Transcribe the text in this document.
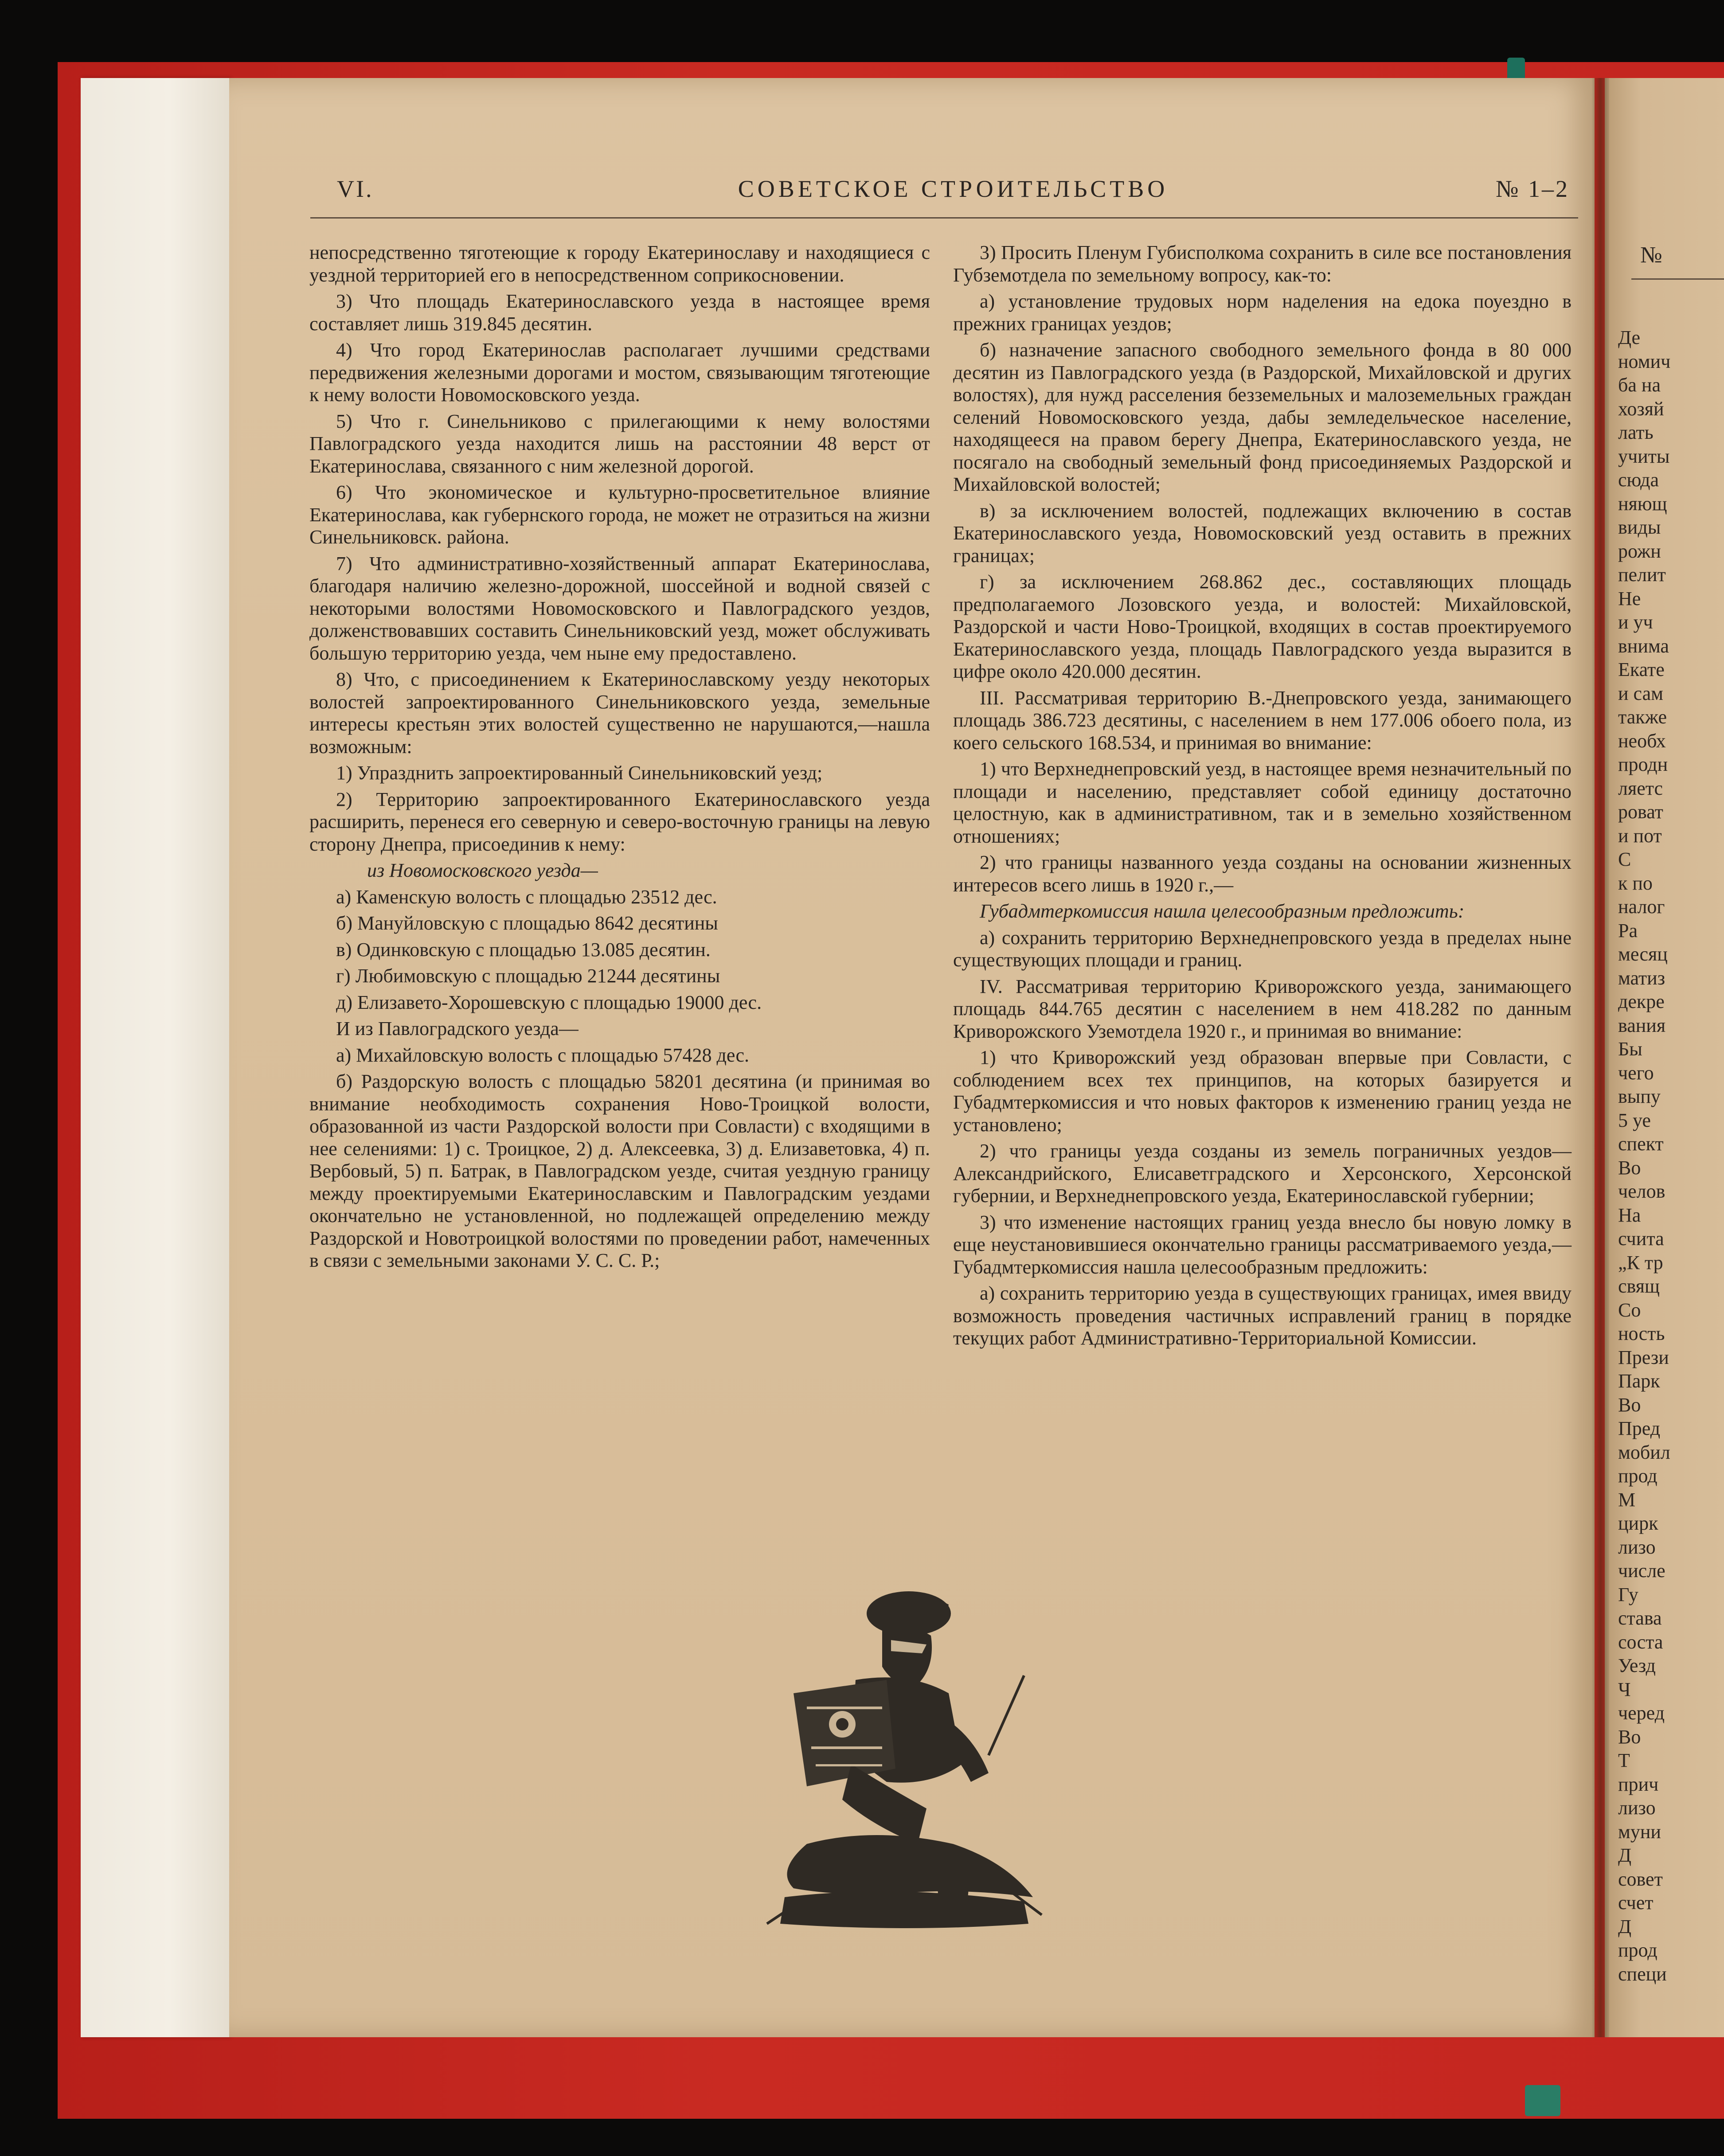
№
Де
номич
ба на
хозяй
лать
учиты
сюда
няющ
виды
рожн
пелит
Не
и уч
внима
Екате
и сам
также
необх
продн
ляетс
роват
и пот
С
к по
налог
Ра
месяц
матиз
декре
вания
Бы
чего
выпу
5 уе
спект
Во
челов
На
счита
„К тр
свящ
Со
ность
Прези
Парк
Во
Пред
мобил
прод
М
цирк
лизо
числе
Гу
става
соста
Уезд
Ч
черед
Во
Т
прич
лизо
муни
Д
совет
счет
Д
прод
специ
VI.	СОВЕТСКОЕ СТРОИТЕЛЬСТВО	№ 1–2

непосредственно тяготеющие к городу Екатеринославу и находящиеся с уездной территорией его в непосредственном соприкосновении.

3) Что площадь Екатеринославского уезда в настоящее время составляет лишь 319.845 десятин.

4) Что город Екатеринослав располагает лучшими средствами передвижения железными дорогами и мостом, связывающим тяготеющие к нему волости Новомосковского уезда.

5) Что г. Синельниково с прилегающими к нему волостями Павлоградского уезда находится лишь на расстоянии 48 верст от Екатеринослава, связанного с ним железной дорогой.

6) Что экономическое и культурно-просветительное влияние Екатеринослава, как губернского города, не может не отразиться на жизни Синельниковск. района.

7) Что административно-хозяйственный аппарат Екатеринослава, благодаря наличию железно-дорожной, шоссейной и водной связей с некоторыми волостями Новомосковского и Павлоградского уездов, долженствовавших составить Синельниковский уезд, может обслуживать большую территорию уезда, чем ныне ему предоставлено.

8) Что, с присоединением к Екатеринославскому уезду некоторых волостей запроектированного Синельниковского уезда, земельные интересы крестьян этих волостей существенно не нарушаются,—нашла возможным:

1) Упразднить запроектированный Синельниковский уезд;

2) Территорию запроектированного Екатеринославского уезда расширить, перенеся его северную и северо-восточную границы на левую сторону Днепра, присоединив к нему:

из Новомосковского уезда—

а) Каменскую волость с площадью 23512 дес.

б) Мануйловскую с площадью 8642 десятины

в) Одинковскую с площадью 13.085 десятин.

г) Любимовскую с площадью 21244 десятины

д) Елизавето-Хорошевскую с площадью 19000 дес.

И из Павлоградского уезда—

а) Михайловскую волость с площадью 57428 дес.

б) Раздорскую волость с площадью 58201 десятина (и принимая во внимание необходимость сохранения Ново-Троицкой волости, образованной из части Раздорской волости при Совласти) с входящими в нее селениями: 1) с. Троицкое, 2) д. Алексеевка, 3) д. Елизаветовка, 4) п. Вербовый, 5) п. Батрак, в Павлоградском уезде, считая уездную границу между проектируемыми Екатеринославским и Павлоградским уездами окончательно не установленной, но подлежащей определению между Раздорской и Новотроицкой волостями по проведении работ, намеченных в связи с земельными законами У. С. С. Р.;

3) Просить Пленум Губисполкома сохранить в силе все постановления Губземотдела по земельному вопросу, как-то:

а) установление трудовых норм наделения на едока поуездно в прежних границах уездов;

б) назначение запасного свободного земельного фонда в 80 000 десятин из Павлоградского уезда (в Раздорской, Михайловской и других волостях), для нужд расселения безземельных и малоземельных граждан селений Новомосковского уезда, дабы земледельческое население, находящееся на правом берегу Днепра, Екатеринославского уезда, не посягало на свободный земельный фонд присоединяемых Раздорской и Михайловской волостей;

в) за исключением волостей, подлежащих включению в состав Екатеринославского уезда, Новомосковский уезд оставить в прежних границах;

г) за исключением 268.862 дес., составляющих площадь предполагаемого Лозовского уезда, и волостей: Михайловской, Раздорской и части Ново-Троицкой, входящих в состав проектируемого Екатеринославского уезда, площадь Павлоградского уезда выразится в цифре около 420.000 десятин.

III. Рассматривая территорию В.-Днепровского уезда, занимающего площадь 386.723 десятины, с населением в нем 177.006 обоего пола, из коего сельского 168.534, и принимая во внимание:

1) что Верхнеднепровский уезд, в настоящее время незначительный по площади и населению, представляет собой единицу достаточно целостную, как в административном, так и в земельно хозяйственном отношениях;

2) что границы названного уезда созданы на основании жизненных интересов всего лишь в 1920 г.,—

Губадмтеркомиссия нашла целесообразным предложить:

а) сохранить территорию Верхнеднепровского уезда в пределах ныне существующих площади и границ.

IV. Рассматривая территорию Криворожского уезда, занимающего площадь 844.765 десятин с населением в нем 418.282 по данным Криворожского Уземотдела 1920 г., и принимая во внимание:

1) что Криворожский уезд образован впервые при Совласти, с соблюдением всех тех принципов, на которых базируется и Губадмтеркомиссия и что новых факторов к изменению границ уезда не установлено;

2) что границы уезда созданы из земель пограничных уездов—Александрийского, Елисаветградского и Херсонского, Херсонской губернии, и Верхнеднепровского уезда, Екатеринославской губернии;

3) что изменение настоящих границ уезда внесло бы новую ломку в еще неустановившиеся окончательно границы рассматриваемого уезда,—Губадмтеркомиссия нашла целесообразным предложить:

а) сохранить территорию уезда в существующих границах, имея ввиду возможность проведения частичных исправлений границ в порядке текущих работ Административно-Территориальной Комиссии.
